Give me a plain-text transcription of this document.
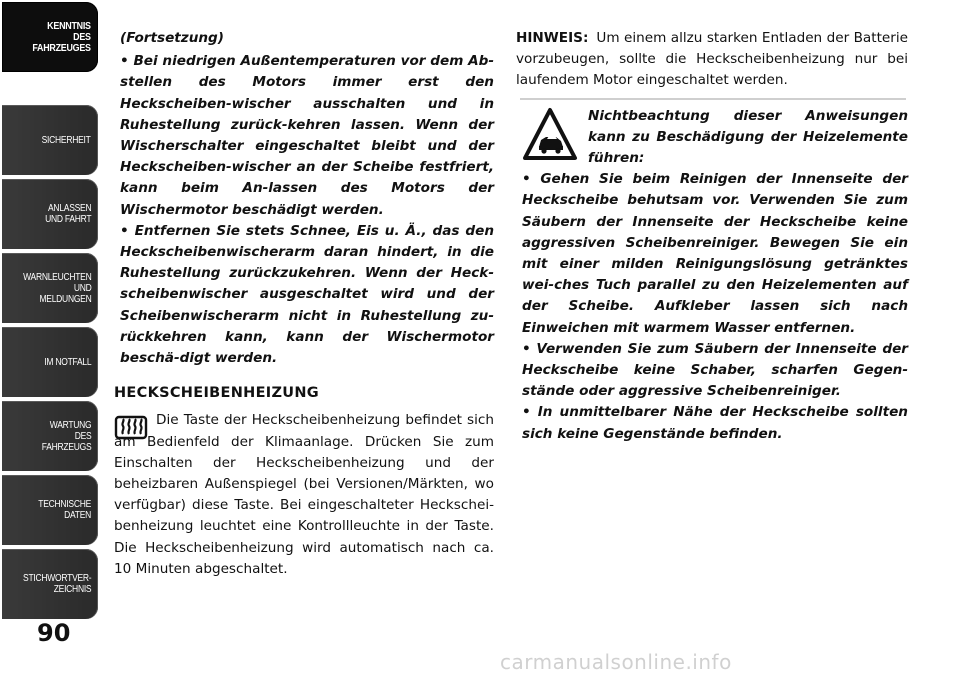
KENNTNIS
DES
FAHRZEUGES
SICHERHEIT
ANLASSEN
UND FAHRT
WARNLEUCHTEN
UND
MELDUNGEN
IM NOTFALL
WARTUNG
DES
FAHRZEUGS
TECHNISCHE
DATEN
STICHWORTVER-
ZEICHNIS
90

(Fortsetzung)

• Bei niedrigen Außentemperaturen vor dem Ab-stellen des Motors immer erst den Heckscheiben-wischer ausschalten und in Ruhestellung zurück-kehren lassen. Wenn der Wischerschalter eingeschaltet bleibt und der Heckscheiben-wischer an der Scheibe festfriert, kann beim An-lassen des Motors der Wischermotor beschädigt werden.

• Entfernen Sie stets Schnee, Eis u. Ä., das den Heckscheibenwischerarm daran hindert, in die Ruhestellung zurückzukehren. Wenn der Heck-scheibenwischer ausgeschaltet wird und der Scheibenwischerarm nicht in Ruhestellung zu-rückkehren kann, kann der Wischermotor beschä-digt werden.

HECKSCHEIBENHEIZUNG

Die Taste der Heckscheibenheizung befindet sich am Bedienfeld der Klimaanlage. Drücken Sie zum Einschalten der Heckscheibenheizung und der beheizbaren Außenspiegel (bei Versionen/Märkten, wo verfügbar) diese Taste. Bei eingeschalteter Heckschei-benheizung leuchtet eine Kontrollleuchte in der Taste. Die Heckscheibenheizung wird automatisch nach ca. 10 Minuten abgeschaltet.

HINWEIS: Um einem allzu starken Entladen der Batterie vorzubeugen, sollte die Heckscheibenheizung nur bei laufendem Motor eingeschaltet werden.

Nichtbeachtung dieser Anweisungen kann zu Beschädigung der Heizelemente führen:

• Gehen Sie beim Reinigen der Innenseite der Heckscheibe behutsam vor. Verwenden Sie zum Säubern der Innenseite der Heckscheibe keine aggressiven Scheibenreiniger. Bewegen Sie ein mit einer milden Reinigungslösung getränktes wei-ches Tuch parallel zu den Heizelementen auf der Scheibe. Aufkleber lassen sich nach Einweichen mit warmem Wasser entfernen.

• Verwenden Sie zum Säubern der Innenseite der Heckscheibe keine Schaber, scharfen Gegen-stände oder aggressive Scheibenreiniger.

• In unmittelbarer Nähe der Heckscheibe sollten sich keine Gegenstände befinden.

carmanualsonline.info
